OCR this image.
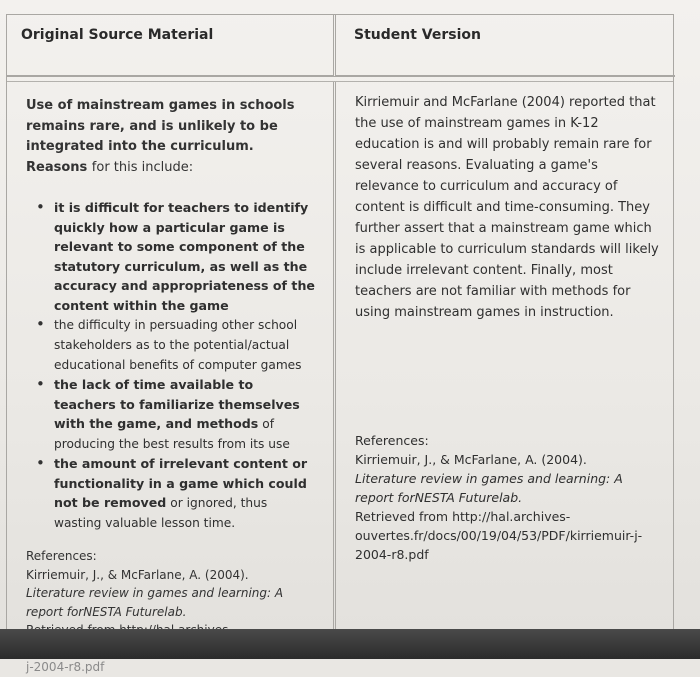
Original Source Material	Student Version

Use of mainstream games in schools remains rare, and is unlikely to be integrated into the curriculum. Reasons for this include:

• it is difficult for teachers to identify quickly how a particular game is relevant to some component of the statutory curriculum, as well as the accuracy and appropriateness of the content within the game
• the difficulty in persuading other school stakeholders as to the potential/actual educational benefits of computer games
• the lack of time available to teachers to familiarize themselves with the game, and methods of producing the best results from its use
• the amount of irrelevant content or functionality in a game which could not be removed or ignored, thus wasting valuable lesson time.
References:
Kirriemuir, J., & McFarlane, A. (2004).
Literature review in games and learning: A report forNESTA Futurelab.
j-2004-r8.pdf
Kirriemuir and McFarlane (2004) reported that the use of mainstream games in K-12 education is and will probably remain rare for several reasons. Evaluating a game's relevance to curriculum and accuracy of content is difficult and time-consuming. They further assert that a mainstream game which is applicable to curriculum standards will likely include irrelevant content. Finally, most teachers are not familiar with methods for using mainstream games in instruction.
References:
Kirriemuir, J., & McFarlane, A. (2004).
Literature review in games and learning: A report forNESTA Futurelab.
Retrieved from http://hal.archives-ouvertes.fr/docs/00/19/04/53/PDF/kirriemuir-j-2004-r8.pdf
